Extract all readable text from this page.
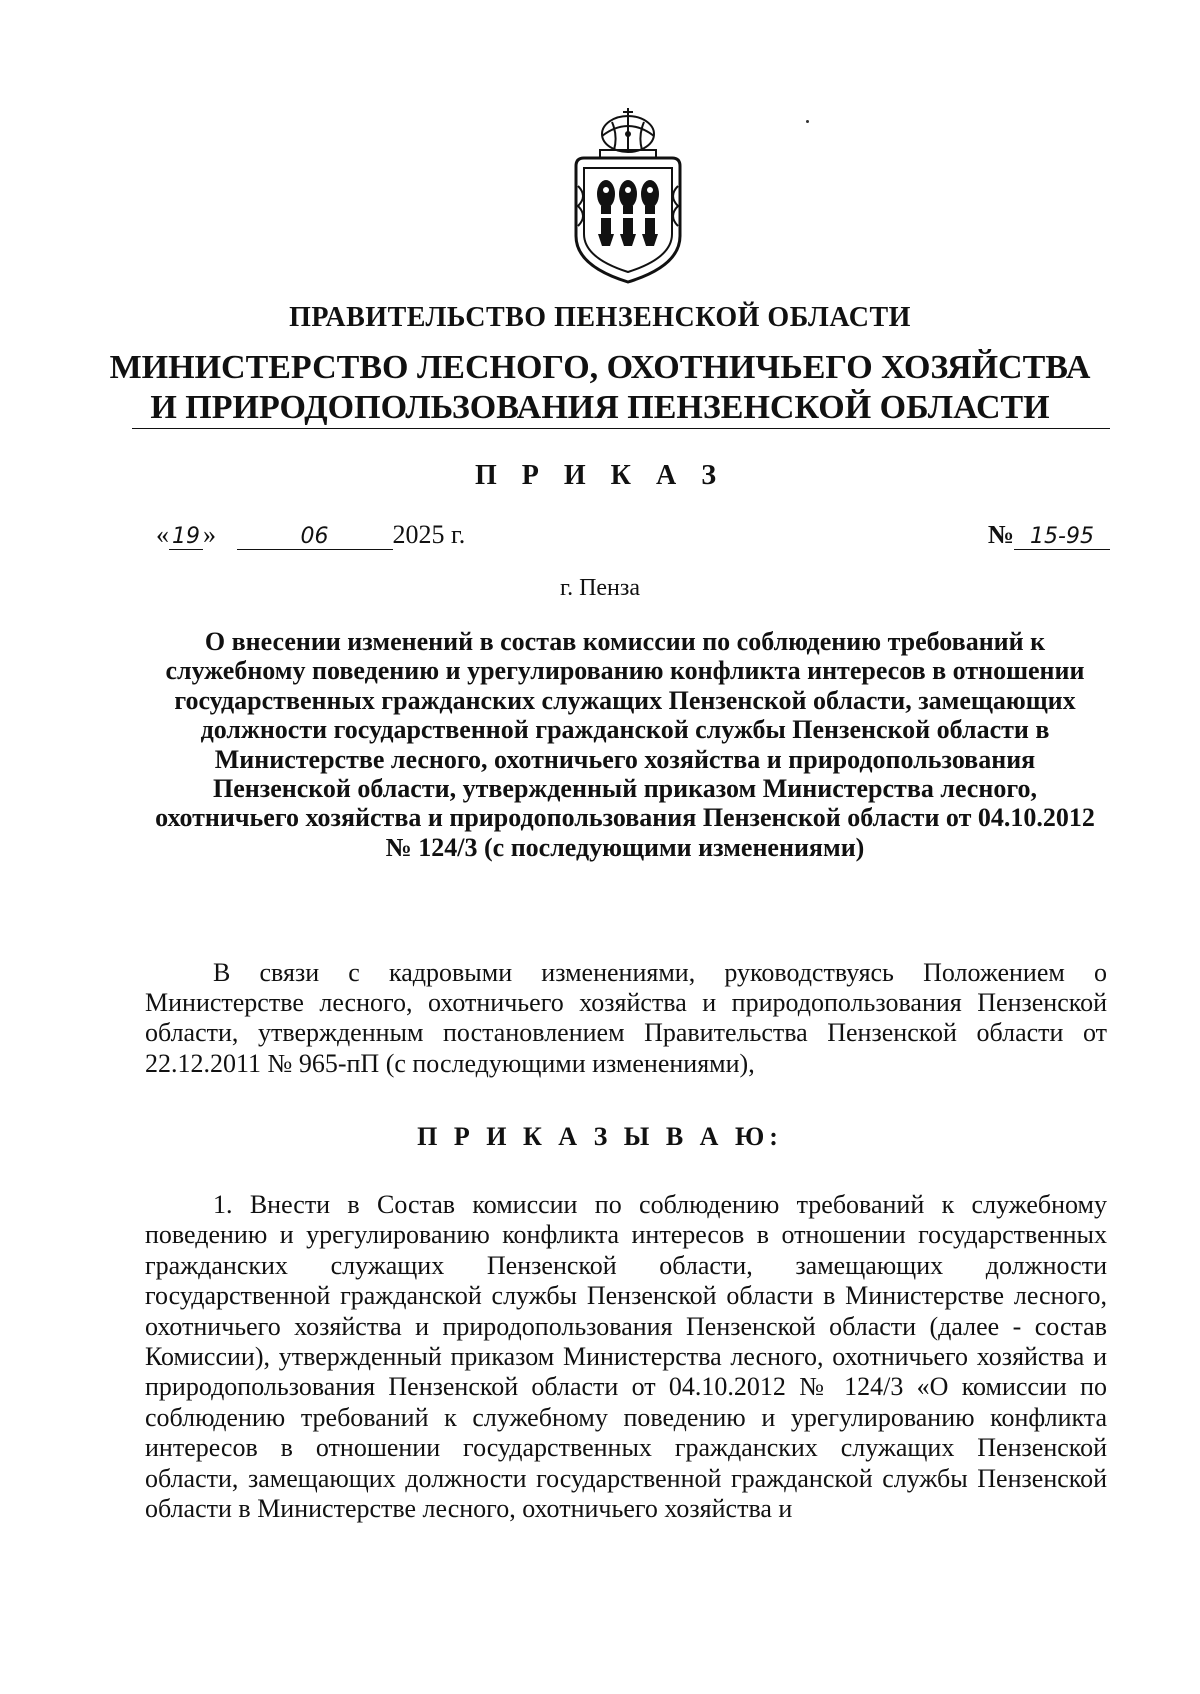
ПРАВИТЕЛЬСТВО ПЕНЗЕНСКОЙ ОБЛАСТИ
МИНИСТЕРСТВО ЛЕСНОГО, ОХОТНИЧЬЕГО ХОЗЯЙСТВА
И ПРИРОДОПОЛЬЗОВАНИЯ ПЕНЗЕНСКОЙ ОБЛАСТИ
П Р И К А З
« 19 »	06 2025 г.	№ 15-95
г. Пенза
О внесении изменений в состав комиссии по соблюдению требований к служебному поведению и урегулированию конфликта интересов в отношении государственных гражданских служащих Пензенской области, замещающих должности государственной гражданской службы Пензенской области в Министерстве лесного, охотничьего хозяйства и природопользования Пензенской области, утвержденный приказом Министерства лесного, охотничьего хозяйства и природопользования Пензенской области от 04.10.2012 № 124/3 (с последующими изменениями)
В связи с кадровыми изменениями, руководствуясь Положением о Министерстве лесного, охотничьего хозяйства и природопользования Пензенской области, утвержденным постановлением Правительства Пензенской области от 22.12.2011 № 965-пП (с последующими изменениями),
П Р И К А З Ы В А Ю:
1. Внести в Состав комиссии по соблюдению требований к служебному поведению и урегулированию конфликта интересов в отношении государственных гражданских служащих Пензенской области, замещающих должности государственной гражданской службы Пензенской области в Министерстве лесного, охотничьего хозяйства и природопользования Пензенской области (далее - состав Комиссии), утвержденный приказом Министерства лесного, охотничьего хозяйства и природопользования Пензенской области от 04.10.2012 № 124/3 «О комиссии по соблюдению требований к служебному поведению и урегулированию конфликта интересов в отношении государственных гражданских служащих Пензенской области, замещающих должности государственной гражданской службы Пензенской области в Министерстве лесного, охотничьего хозяйства и
